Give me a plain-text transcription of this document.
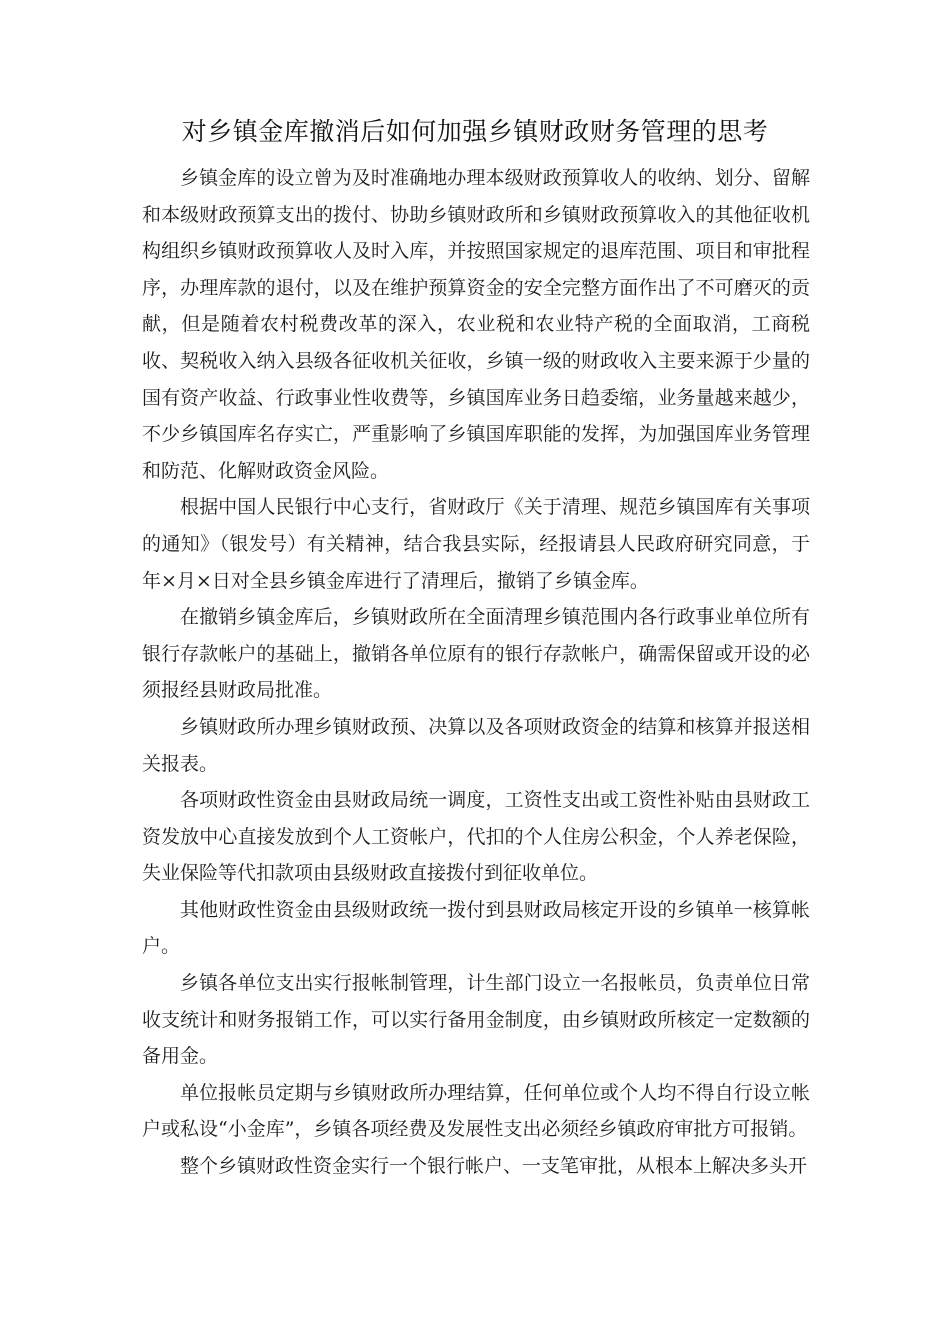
对乡镇金库撤消后如何加强乡镇财政财务管理的思考

乡镇金库的设立曾为及时准确地办理本级财政预算收人的收纳、划分、留解和本级财政预算支出的拨付、协助乡镇财政所和乡镇财政预算收入的其他征收机构组织乡镇财政预算收人及时入库，并按照国家规定的退库范围、项目和审批程序，办理库款的退付，以及在维护预算资金的安全完整方面作出了不可磨灭的贡献，但是随着农村税费改革的深入，农业税和农业特产税的全面取消，工商税收、契税收入纳入县级各征收机关征收，乡镇一级的财政收入主要来源于少量的国有资产收益、行政事业性收费等，乡镇国库业务日趋委缩，业务量越来越少，不少乡镇国库名存实亡，严重影响了乡镇国库职能的发挥，为加强国库业务管理和防范、化解财政资金风险。

根据中国人民银行中心支行，省财政厅《关于清理、规范乡镇国库有关事项的通知》（银发号）有关精神，结合我县实际，经报请县人民政府研究同意，于年×月×日对全县乡镇金库进行了清理后，撤销了乡镇金库。

在撤销乡镇金库后，乡镇财政所在全面清理乡镇范围内各行政事业单位所有银行存款帐户的基础上，撤销各单位原有的银行存款帐户，确需保留或开设的必须报经县财政局批准。

乡镇财政所办理乡镇财政预、决算以及各项财政资金的结算和核算并报送相关报表。

各项财政性资金由县财政局统一调度，工资性支出或工资性补贴由县财政工资发放中心直接发放到个人工资帐户，代扣的个人住房公积金，个人养老保险，失业保险等代扣款项由县级财政直接拨付到征收单位。

其他财政性资金由县级财政统一拨付到县财政局核定开设的乡镇单一核算帐户。

乡镇各单位支出实行报帐制管理，计生部门设立一名报帐员，负责单位日常收支统计和财务报销工作，可以实行备用金制度，由乡镇财政所核定一定数额的备用金。

单位报帐员定期与乡镇财政所办理结算，任何单位或个人均不得自行设立帐户或私设“小金库”，乡镇各项经费及发展性支出必须经乡镇政府审批方可报销。

整个乡镇财政性资金实行一个银行帐户、一支笔审批，从根本上解决多头开
